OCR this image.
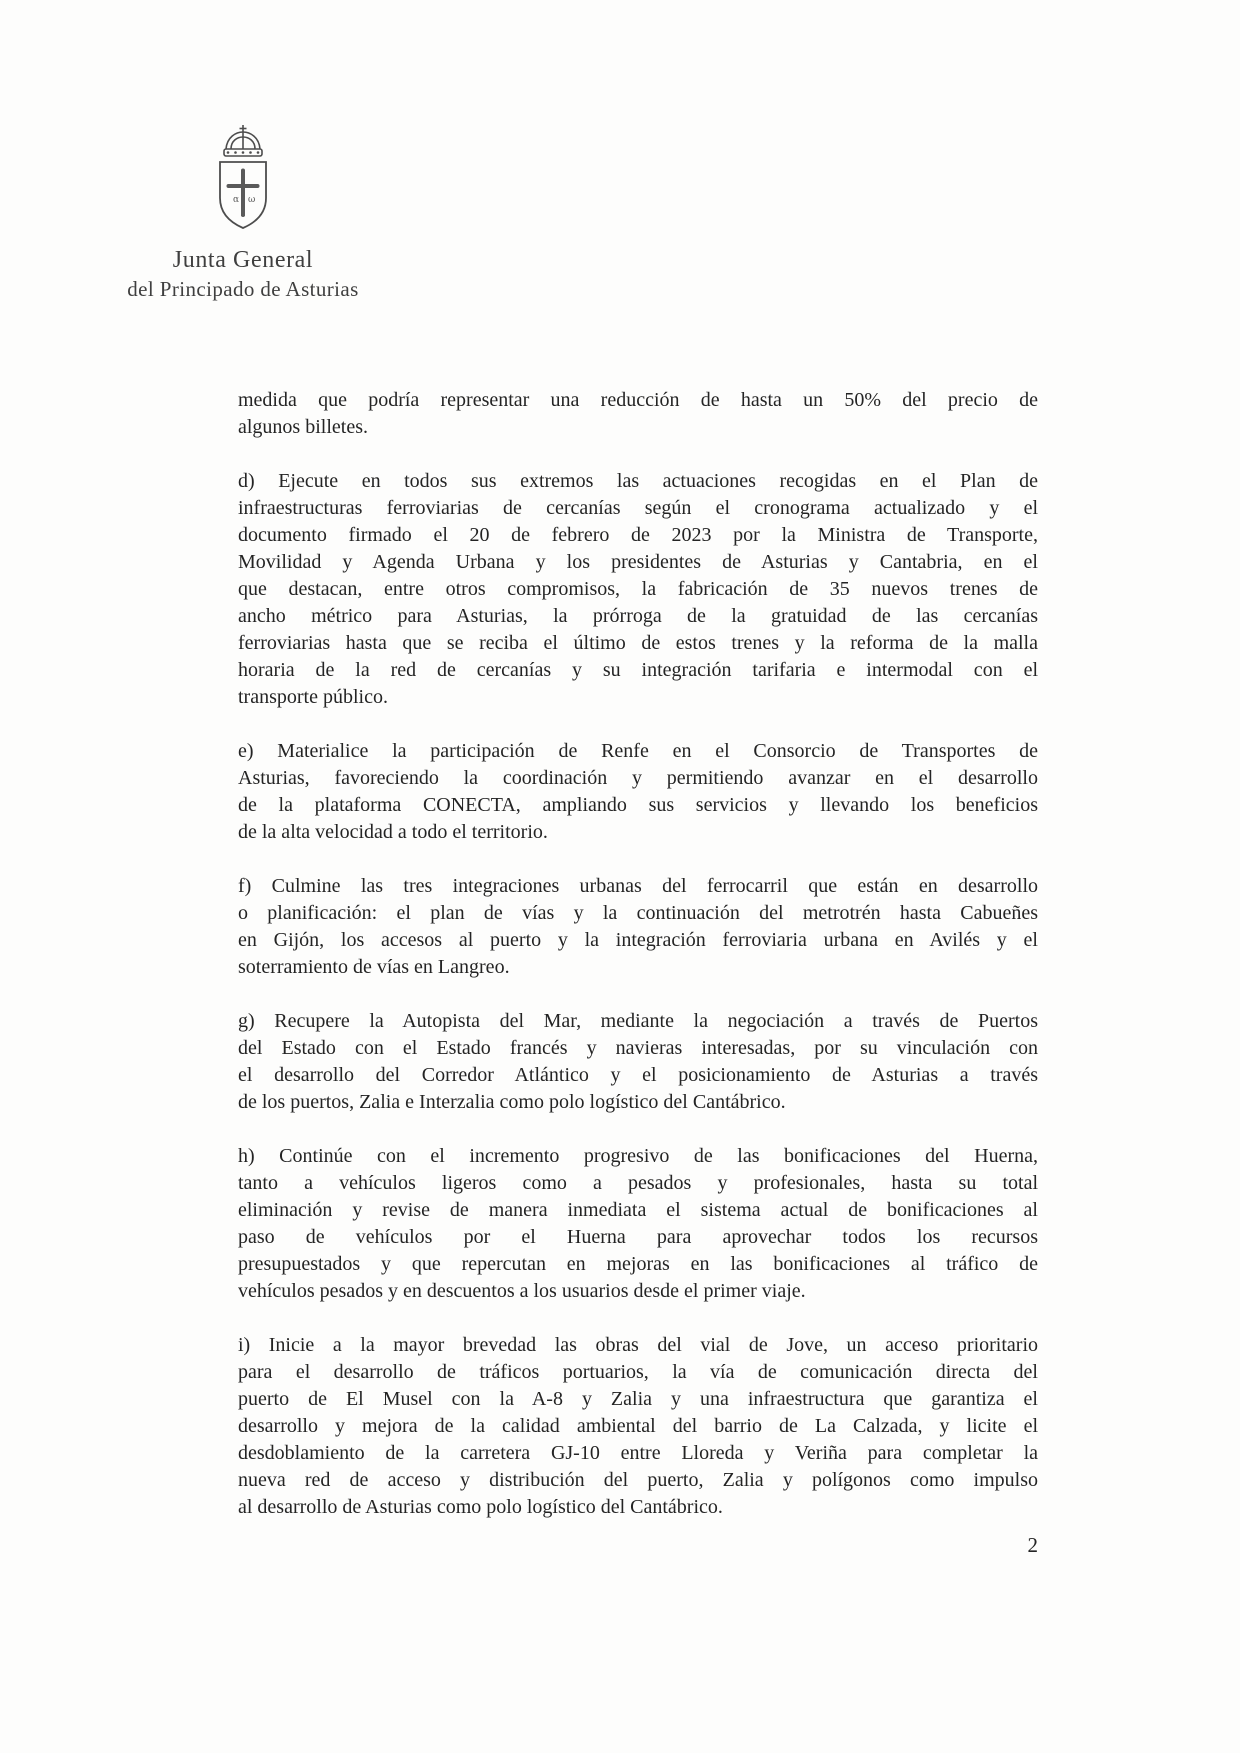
α ω
Junta General
del Principado de Asturias
medida que podría representar una reducción de hasta un 50% del precio de
algunos billetes.
d) Ejecute en todos sus extremos las actuaciones recogidas en el Plan de
infraestructuras ferroviarias de cercanías según el cronograma actualizado y el
documento firmado el 20 de febrero de 2023 por la Ministra de Transporte,
Movilidad y Agenda Urbana y los presidentes de Asturias y Cantabria, en el
que destacan, entre otros compromisos, la fabricación de 35 nuevos trenes de
ancho métrico para Asturias, la prórroga de la gratuidad de las cercanías
ferroviarias hasta que se reciba el último de estos trenes y la reforma de la malla
horaria de la red de cercanías y su integración tarifaria e intermodal con el
transporte público.
e) Materialice la participación de Renfe en el Consorcio de Transportes de
Asturias, favoreciendo la coordinación y permitiendo avanzar en el desarrollo
de la plataforma CONECTA, ampliando sus servicios y llevando los beneficios
de la alta velocidad a todo el territorio.
f) Culmine las tres integraciones urbanas del ferrocarril que están en desarrollo
o planificación: el plan de vías y la continuación del metrotrén hasta Cabueñes
en Gijón, los accesos al puerto y la integración ferroviaria urbana en Avilés y el
soterramiento de vías en Langreo.
g) Recupere la Autopista del Mar, mediante la negociación a través de Puertos
del Estado con el Estado francés y navieras interesadas, por su vinculación con
el desarrollo del Corredor Atlántico y el posicionamiento de Asturias a través
de los puertos, Zalia e Interzalia como polo logístico del Cantábrico.
h) Continúe con el incremento progresivo de las bonificaciones del Huerna,
tanto a vehículos ligeros como a pesados y profesionales, hasta su total
eliminación y revise de manera inmediata el sistema actual de bonificaciones al
paso de vehículos por el Huerna para aprovechar todos los recursos
presupuestados y que repercutan en mejoras en las bonificaciones al tráfico de
vehículos pesados y en descuentos a los usuarios desde el primer viaje.
i) Inicie a la mayor brevedad las obras del vial de Jove, un acceso prioritario
para el desarrollo de tráficos portuarios, la vía de comunicación directa del
puerto de El Musel con la A-8 y Zalia y una infraestructura que garantiza el
desarrollo y mejora de la calidad ambiental del barrio de La Calzada, y licite el
desdoblamiento de la carretera GJ-10 entre Lloreda y Veriña para completar la
nueva red de acceso y distribución del puerto, Zalia y polígonos como impulso
al desarrollo de Asturias como polo logístico del Cantábrico.
2
